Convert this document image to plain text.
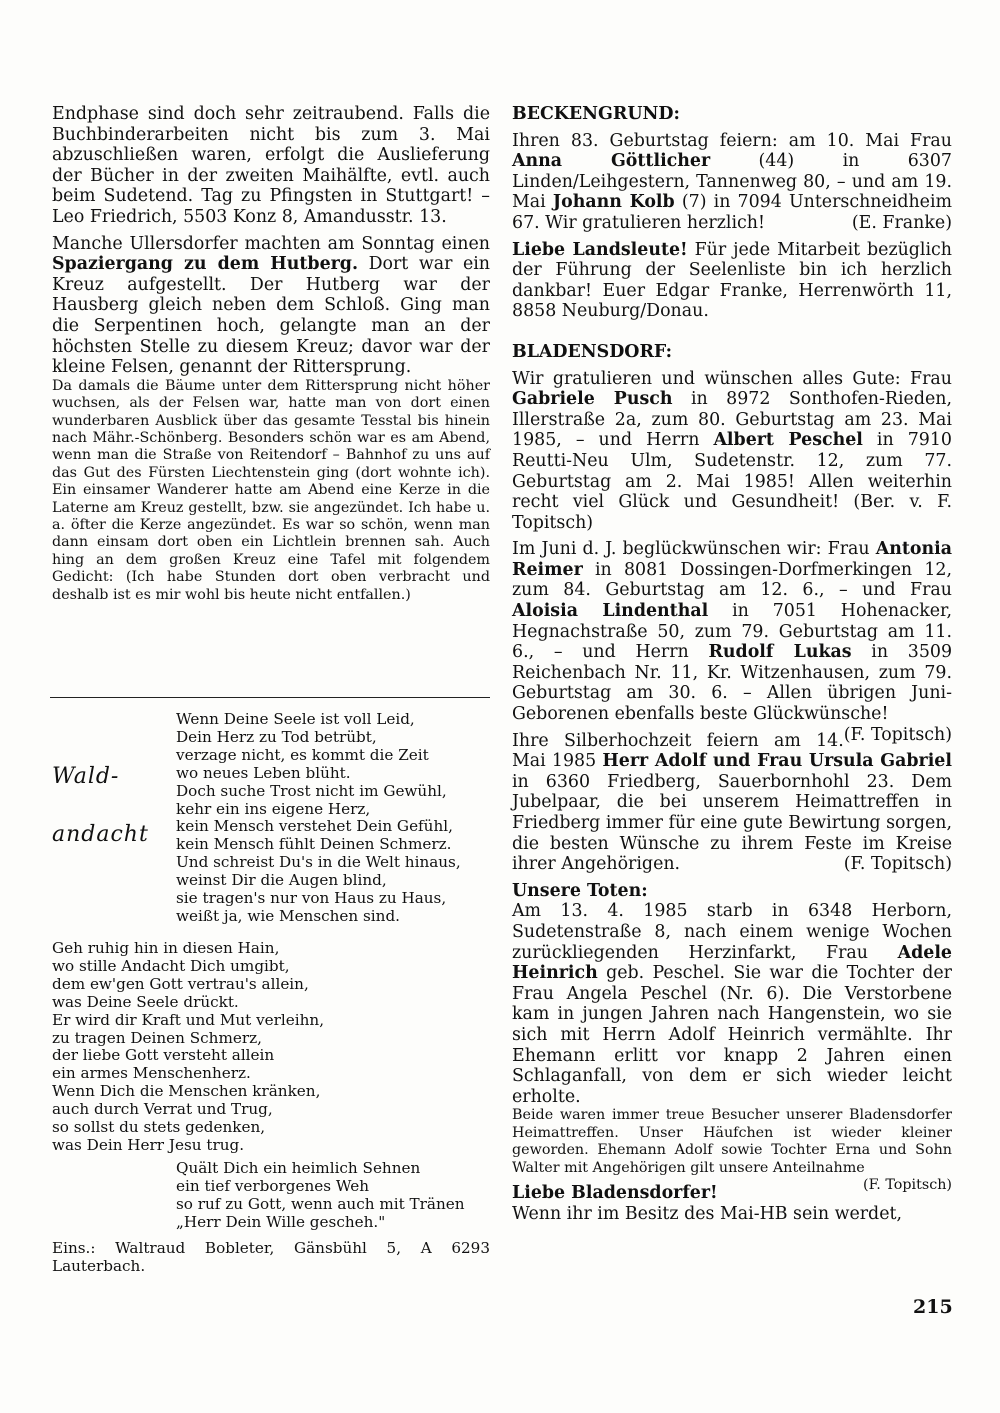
Endphase sind doch sehr zeitraubend. Falls die Buchbinderarbeiten nicht bis zum 3. Mai abzuschließen waren, erfolgt die Auslieferung der Bücher in der zweiten Maihälfte, evtl. auch beim Sudetend. Tag zu Pfingsten in Stuttgart! – Leo Friedrich, 5503 Konz 8, Amandusstr. 13.

Manche Ullersdorfer machten am Sonntag einen Spaziergang zu dem Hutberg. Dort war ein Kreuz aufgestellt. Der Hutberg war der Hausberg gleich neben dem Schloß. Ging man die Serpentinen hoch, gelangte man an der höchsten Stelle zu diesem Kreuz; davor war der kleine Felsen, genannt der Rittersprung.

Da damals die Bäume unter dem Rittersprung nicht höher wuchsen, als der Felsen war, hatte man von dort einen wunderbaren Ausblick über das gesamte Tesstal bis hinein nach Mähr.-Schönberg. Besonders schön war es am Abend, wenn man die Straße von Reitendorf – Bahnhof zu uns auf das Gut des Fürsten Liechtenstein ging (dort wohnte ich). Ein einsamer Wanderer hatte am Abend eine Kerze in die Laterne am Kreuz gestellt, bzw. sie angezündet. Ich habe u. a. öfter die Kerze angezündet. Es war so schön, wenn man dann einsam dort oben ein Lichtlein brennen sah. Auch hing an dem großen Kreuz eine Tafel mit folgendem Gedicht: (Ich habe Stunden dort oben verbracht und deshalb ist es mir wohl bis heute nicht entfallen.)

Wald-
andacht
Wenn Deine Seele ist voll Leid,
Dein Herz zu Tod betrübt,
verzage nicht, es kommt die Zeit
wo neues Leben blüht.
Doch suche Trost nicht im Gewühl,
kehr ein ins eigene Herz,
kein Mensch verstehet Dein Gefühl,
kein Mensch fühlt Deinen Schmerz.
Und schreist Du's in die Welt hinaus,
weinst Dir die Augen blind,
sie tragen's nur von Haus zu Haus,
weißt ja, wie Menschen sind.
Geh ruhig hin in diesen Hain,
wo stille Andacht Dich umgibt,
dem ew'gen Gott vertrau's allein,
was Deine Seele drückt.
Er wird dir Kraft und Mut verleihn,
zu tragen Deinen Schmerz,
der liebe Gott versteht allein
ein armes Menschenherz.
Wenn Dich die Menschen kränken,
auch durch Verrat und Trug,
so sollst du stets gedenken,
was Dein Herr Jesu trug.
Quält Dich ein heimlich Sehnen
ein tief verborgenes Weh
so ruf zu Gott, wenn auch mit Tränen
„Herr Dein Wille gescheh."

Eins.: Waltraud Bobleter, Gänsbühl 5, A 6293 Lauterbach.

BECKENGRUND:

Ihren 83. Geburtstag feiern: am 10. Mai Frau Anna Göttlicher (44) in 6307 Linden/Leihgestern, Tannenweg 80, – und am 19. Mai Johann Kolb (7) in 7094 Unterschneidheim 67. Wir gratulieren herzlich!	(E. Franke)

Liebe Landsleute! Für jede Mitarbeit bezüglich der Führung der Seelenliste bin ich herzlich dankbar! Euer Edgar Franke, Herrenwörth 11, 8858 Neuburg/Donau.

BLADENSDORF:

Wir gratulieren und wünschen alles Gute: Frau Gabriele Pusch in 8972 Sonthofen-Rieden, Illerstraße 2a, zum 80. Geburtstag am 23. Mai 1985, – und Herrn Albert Peschel in 7910 Reutti-Neu Ulm, Sudetenstr. 12, zum 77. Geburtstag am 2. Mai 1985! Allen weiterhin recht viel Glück und Gesundheit! (Ber. v. F. Topitsch)

Im Juni d. J. beglückwünschen wir: Frau Antonia Reimer in 8081 Dossingen-Dorfmerkingen 12, zum 84. Geburtstag am 12. 6., – und Frau Aloisia Lindenthal in 7051 Hohenacker, Hegnachstraße 50, zum 79. Geburtstag am 11. 6., – und Herrn Rudolf Lukas in 3509 Reichenbach Nr. 11, Kr. Witzenhausen, zum 79. Geburtstag am 30. 6. – Allen übrigen Juni-Geborenen ebenfalls beste Glückwünsche!
(F. Topitsch)

Ihre Silberhochzeit feiern am 14. Mai 1985 Herr Adolf und Frau Ursula Gabriel in 6360 Friedberg, Sauerbornhohl 23. Dem Jubelpaar, die bei unserem Heimattreffen in Friedberg immer für eine gute Bewirtung sorgen, die besten Wünsche zu ihrem Feste im Kreise ihrer Angehörigen.	(F. Topitsch)

Unsere Toten:

Am 13. 4. 1985 starb in 6348 Herborn, Sudetenstraße 8, nach einem wenige Wochen zurückliegenden Herzinfarkt, Frau Adele Heinrich geb. Peschel. Sie war die Tochter der Frau Angela Peschel (Nr. 6). Die Verstorbene kam in jungen Jahren nach Hangenstein, wo sie sich mit Herrn Adolf Heinrich vermählte. Ihr Ehemann erlitt vor knapp 2 Jahren einen Schlaganfall, von dem er sich wieder leicht erholte.

Beide waren immer treue Besucher unserer Bladensdorfer Heimattreffen. Unser Häufchen ist wieder kleiner geworden. Ehemann Adolf sowie Tochter Erna und Sohn Walter mit Angehörigen gilt unsere Anteilnahme
(F. Topitsch)

Liebe Bladensdorfer!

Wenn ihr im Besitz des Mai-HB sein werdet,

215
